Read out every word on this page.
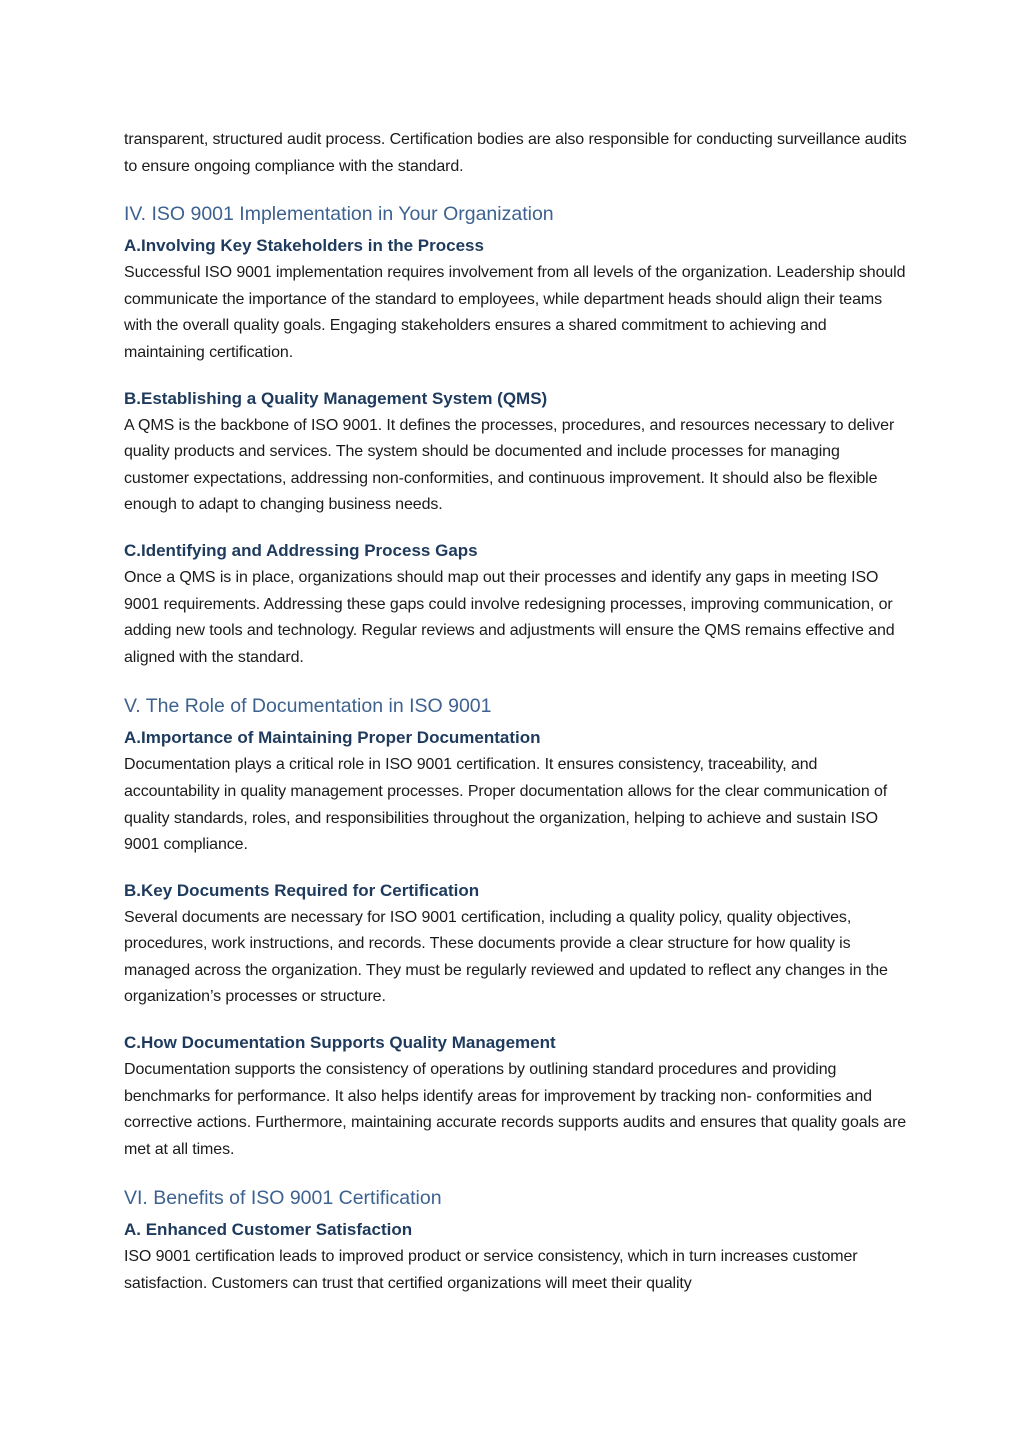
transparent, structured audit process. Certification bodies are also responsible for conducting surveillance audits to ensure ongoing compliance with the standard.

IV. ISO 9001 Implementation in Your Organization
A.Involving Key Stakeholders in the Process

Successful ISO 9001 implementation requires involvement from all levels of the organization. Leadership should communicate the importance of the standard to employees, while department heads should align their teams with the overall quality goals. Engaging stakeholders ensures a shared commitment to achieving and maintaining certification.

B.Establishing a Quality Management System (QMS)

A QMS is the backbone of ISO 9001. It defines the processes, procedures, and resources necessary to deliver quality products and services. The system should be documented and include processes for managing customer expectations, addressing non-conformities, and continuous improvement. It should also be flexible enough to adapt to changing business needs.

C.Identifying and Addressing Process Gaps

Once a QMS is in place, organizations should map out their processes and identify any gaps in meeting ISO 9001 requirements. Addressing these gaps could involve redesigning processes, improving communication, or adding new tools and technology. Regular reviews and adjustments will ensure the QMS remains effective and aligned with the standard.

V. The Role of Documentation in ISO 9001
A.Importance of Maintaining Proper Documentation

Documentation plays a critical role in ISO 9001 certification. It ensures consistency, traceability, and accountability in quality management processes. Proper documentation allows for the clear communication of quality standards, roles, and responsibilities throughout the organization, helping to achieve and sustain ISO 9001 compliance.

B.Key Documents Required for Certification

Several documents are necessary for ISO 9001 certification, including a quality policy, quality objectives, procedures, work instructions, and records. These documents provide a clear structure for how quality is managed across the organization. They must be regularly reviewed and updated to reflect any changes in the organization’s processes or structure.

C.How Documentation Supports Quality Management

Documentation supports the consistency of operations by outlining standard procedures and providing benchmarks for performance. It also helps identify areas for improvement by tracking non- conformities and corrective actions. Furthermore, maintaining accurate records supports audits and ensures that quality goals are met at all times.

VI. Benefits of ISO 9001 Certification
A. Enhanced Customer Satisfaction

ISO 9001 certification leads to improved product or service consistency, which in turn increases customer satisfaction. Customers can trust that certified organizations will meet their quality
